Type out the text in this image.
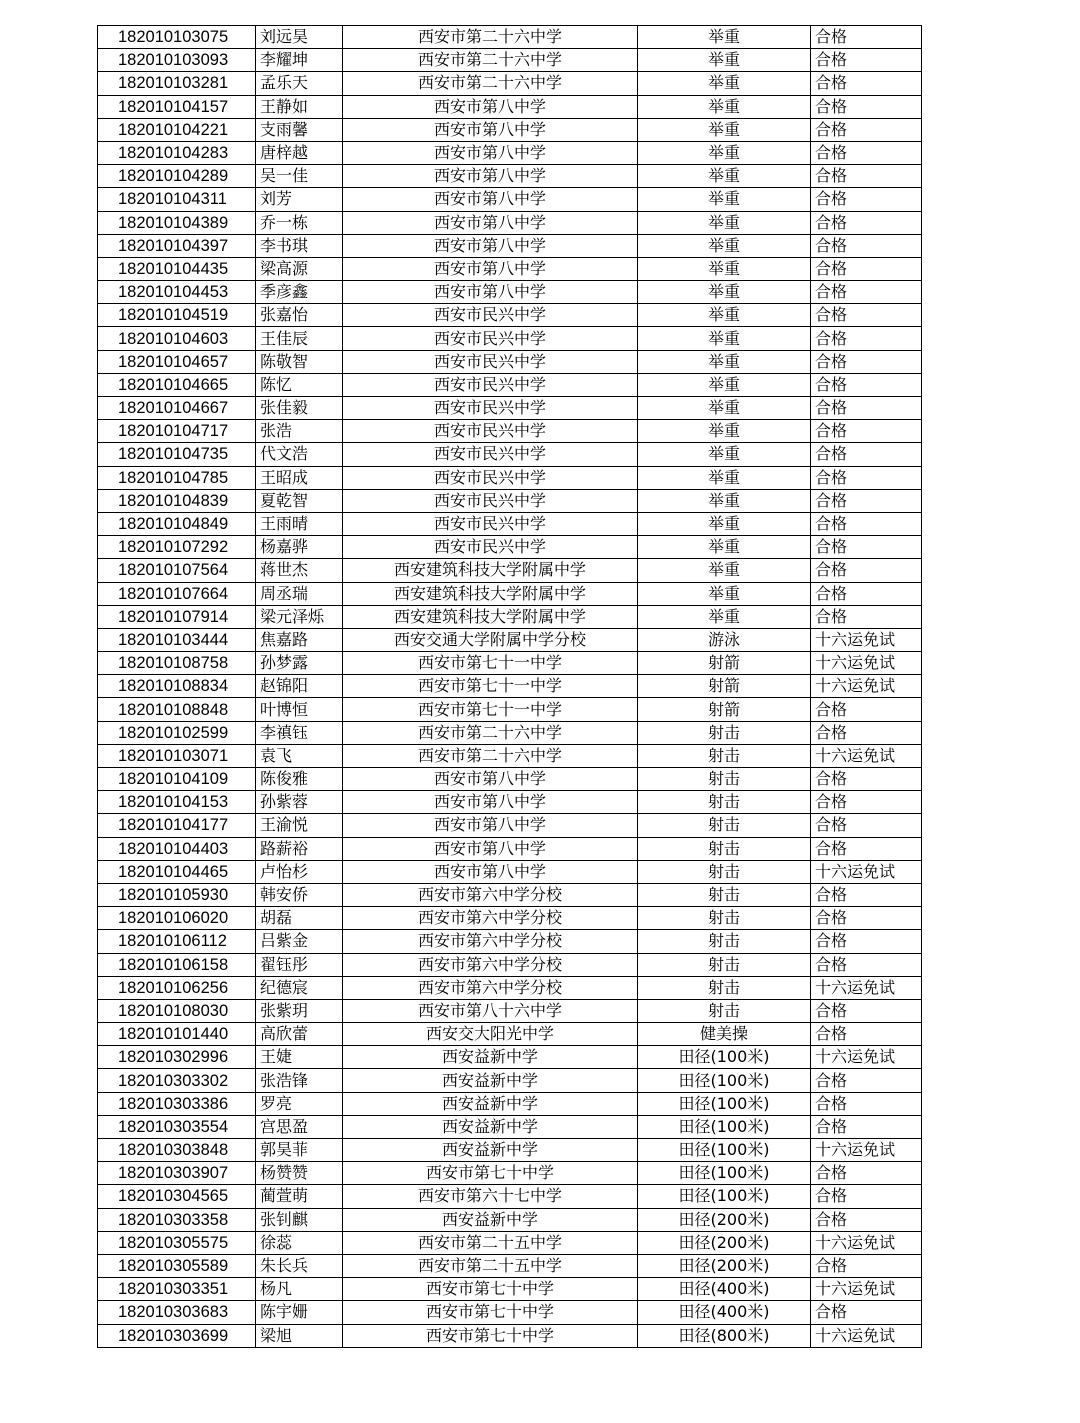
182010103075	刘远昊	西安市第二十六中学	举重	合格
182010103093	李耀坤	西安市第二十六中学	举重	合格
182010103281	孟乐天	西安市第二十六中学	举重	合格
182010104157	王静如	西安市第八中学	举重	合格
182010104221	支雨馨	西安市第八中学	举重	合格
182010104283	唐梓越	西安市第八中学	举重	合格
182010104289	吴一佳	西安市第八中学	举重	合格
182010104311	刘芳	西安市第八中学	举重	合格
182010104389	乔一栋	西安市第八中学	举重	合格
182010104397	李书琪	西安市第八中学	举重	合格
182010104435	梁高源	西安市第八中学	举重	合格
182010104453	季彦鑫	西安市第八中学	举重	合格
182010104519	张嘉怡	西安市民兴中学	举重	合格
182010104603	王佳辰	西安市民兴中学	举重	合格
182010104657	陈敬智	西安市民兴中学	举重	合格
182010104665	陈忆	西安市民兴中学	举重	合格
182010104667	张佳毅	西安市民兴中学	举重	合格
182010104717	张浩	西安市民兴中学	举重	合格
182010104735	代文浩	西安市民兴中学	举重	合格
182010104785	王昭成	西安市民兴中学	举重	合格
182010104839	夏乾智	西安市民兴中学	举重	合格
182010104849	王雨晴	西安市民兴中学	举重	合格
182010107292	杨嘉骅	西安市民兴中学	举重	合格
182010107564	蒋世杰	西安建筑科技大学附属中学	举重	合格
182010107664	周丞瑞	西安建筑科技大学附属中学	举重	合格
182010107914	梁元泽烁	西安建筑科技大学附属中学	举重	合格
182010103444	焦嘉路	西安交通大学附属中学分校	游泳	十六运免试
182010108758	孙梦露	西安市第七十一中学	射箭	十六运免试
182010108834	赵锦阳	西安市第七十一中学	射箭	十六运免试
182010108848	叶博恒	西安市第七十一中学	射箭	合格
182010102599	李禛钰	西安市第二十六中学	射击	合格
182010103071	袁飞	西安市第二十六中学	射击	十六运免试
182010104109	陈俊雅	西安市第八中学	射击	合格
182010104153	孙紫蓉	西安市第八中学	射击	合格
182010104177	王渝悦	西安市第八中学	射击	合格
182010104403	路薪裕	西安市第八中学	射击	合格
182010104465	卢怡杉	西安市第八中学	射击	十六运免试
182010105930	韩安侨	西安市第六中学分校	射击	合格
182010106020	胡磊	西安市第六中学分校	射击	合格
182010106112	吕紫金	西安市第六中学分校	射击	合格
182010106158	翟钰彤	西安市第六中学分校	射击	合格
182010106256	纪德宸	西安市第六中学分校	射击	十六运免试
182010108030	张紫玥	西安市第八十六中学	射击	合格
182010101440	高欣蕾	西安交大阳光中学	健美操	合格
182010302996	王婕	西安益新中学	田径(100米)	十六运免试
182010303302	张浩锋	西安益新中学	田径(100米)	合格
182010303386	罗亮	西安益新中学	田径(100米)	合格
182010303554	宫思盈	西安益新中学	田径(100米)	合格
182010303848	郭昊菲	西安益新中学	田径(100米)	十六运免试
182010303907	杨赞赞	西安市第七十中学	田径(100米)	合格
182010304565	蔺萱萌	西安市第六十七中学	田径(100米)	合格
182010303358	张钊麒	西安益新中学	田径(200米)	合格
182010305575	徐蕊	西安市第二十五中学	田径(200米)	十六运免试
182010305589	朱长兵	西安市第二十五中学	田径(200米)	合格
182010303351	杨凡	西安市第七十中学	田径(400米)	十六运免试
182010303683	陈宇姗	西安市第七十中学	田径(400米)	合格
182010303699	梁旭	西安市第七十中学	田径(800米)	十六运免试
